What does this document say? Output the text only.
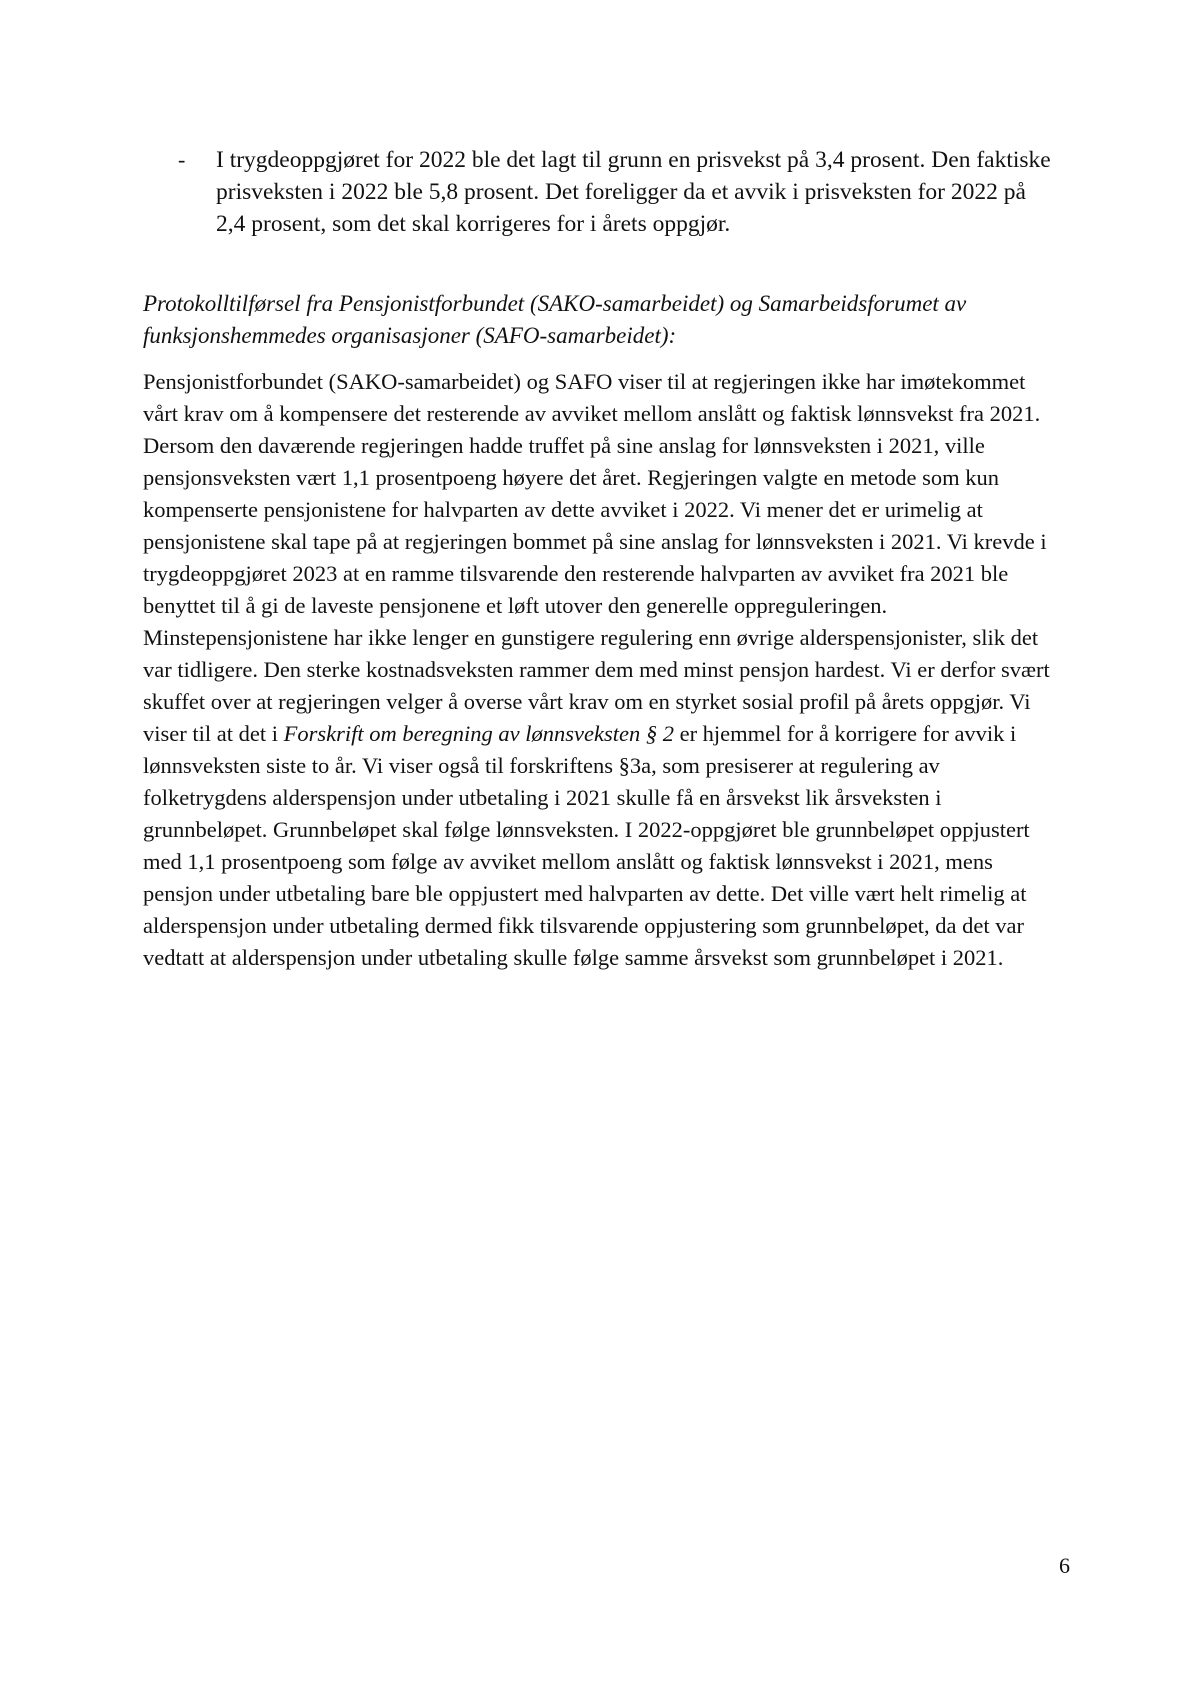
-	I trygdeoppgjøret for 2022 ble det lagt til grunn en prisvekst på 3,4 prosent. Den faktiske prisveksten i 2022 ble 5,8 prosent. Det foreligger da et avvik i prisveksten for 2022 på 2,4 prosent, som det skal korrigeres for i årets oppgjør.
Protokolltilførsel fra Pensjonistforbundet (SAKO-samarbeidet) og Samarbeidsforumet av funksjonshemmedes organisasjoner (SAFO-samarbeidet):

Pensjonistforbundet (SAKO-samarbeidet) og SAFO viser til at regjeringen ikke har imøtekommet vårt krav om å kompensere det resterende av avviket mellom anslått og faktisk lønnsvekst fra 2021. Dersom den daværende regjeringen hadde truffet på sine anslag for lønnsveksten i 2021, ville pensjonsveksten vært 1,1 prosentpoeng høyere det året. Regjeringen valgte en metode som kun kompenserte pensjonistene for halvparten av dette avviket i 2022. Vi mener det er urimelig at pensjonistene skal tape på at regjeringen bommet på sine anslag for lønnsveksten i 2021. Vi krevde i trygdeoppgjøret 2023 at en ramme tilsvarende den resterende halvparten av avviket fra 2021 ble benyttet til å gi de laveste pensjonene et løft utover den generelle oppreguleringen. Minstepensjonistene har ikke lenger en gunstigere regulering enn øvrige alderspensjonister, slik det var tidligere. Den sterke kostnadsveksten rammer dem med minst pensjon hardest. Vi er derfor svært skuffet over at regjeringen velger å overse vårt krav om en styrket sosial profil på årets oppgjør. Vi viser til at det i Forskrift om beregning av lønnsveksten § 2 er hjemmel for å korrigere for avvik i lønnsveksten siste to år. Vi viser også til forskriftens §3a, som presiserer at regulering av folketrygdens alderspensjon under utbetaling i 2021 skulle få en årsvekst lik årsveksten i grunnbeløpet. Grunnbeløpet skal følge lønnsveksten. I 2022-oppgjøret ble grunnbeløpet oppjustert med 1,1 prosentpoeng som følge av avviket mellom anslått og faktisk lønnsvekst i 2021, mens pensjon under utbetaling bare ble oppjustert med halvparten av dette. Det ville vært helt rimelig at alderspensjon under utbetaling dermed fikk tilsvarende oppjustering som grunnbeløpet, da det var vedtatt at alderspensjon under utbetaling skulle følge samme årsvekst som grunnbeløpet i 2021.

6
